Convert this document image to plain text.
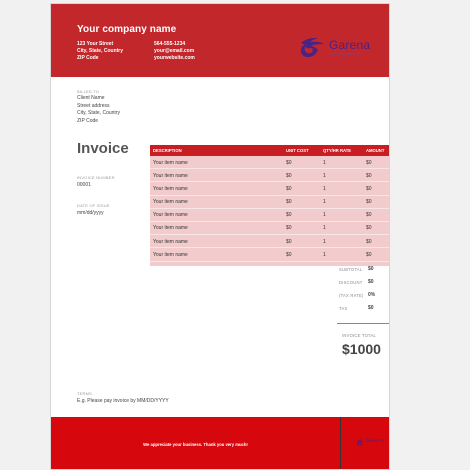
Your company name
123 Your Street
City, State, Country
ZIP Code
564-555-1234
your@email.com
yourwebsite.com
Garena
connecting the dots
BILLED TO
Client Name
Street address
City, State, Country
ZIP Code
Invoice
INVOICE NUMBER
00001
DATE OF ISSUE
mm/dd/yyyy
DESCRIPTION	UNIT COST	QTY/HR RATE	AMOUNT
Your item name	$0	1	$0
Your item name	$0	1	$0
Your item name	$0	1	$0
Your item name	$0	1	$0
Your item name	$0	1	$0
Your item name	$0	1	$0
Your item name	$0	1	$0
Your item name	$0	1	$0
SUBTOTAL $0
DISCOUNT $0
(TAX RATE) 0%
TAX	$0
INVOICE TOTAL
$1000
TERMS
E.g. Please pay invoice by MM/DD/YYYY
We appreciate your business. Thank you very much!
Garena
